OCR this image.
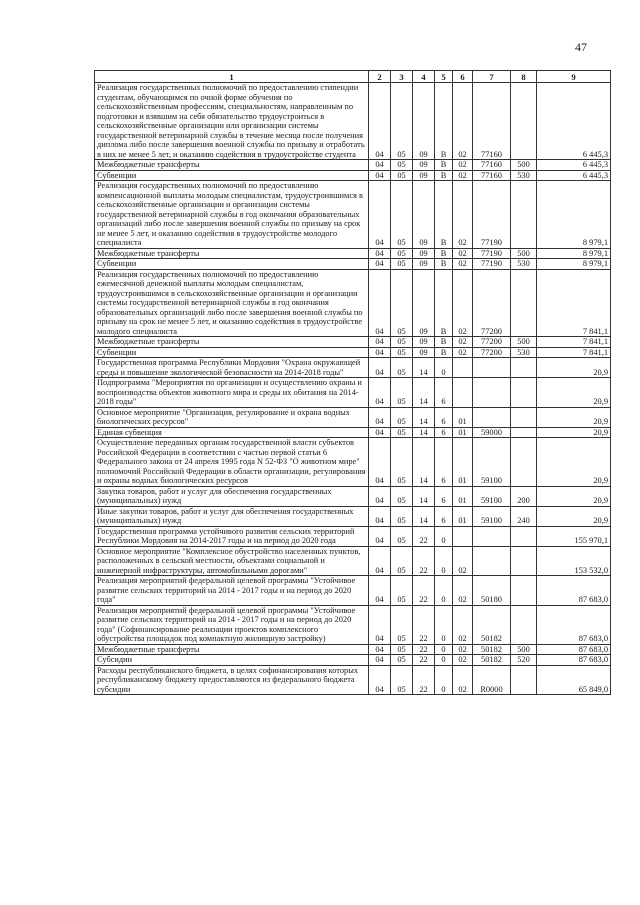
47
1	2	3	4	5	6	7	8	9
Реализация государственных полномочий по предоставлению стипендии студентам, обучающимся по очной форме обучения по сельскохозяйственным профессиям, специальностям, направленным по подготовки и взявшим на себя обязательство трудоустроиться в сельскохозяйственные организации или организации системы государственной ветеринарной службы в течение месяца после получения диплома либо после завершения военной службы по призыву и отработать в них не менее 5 лет, и оказанию содействия в трудоустройстве студента	04	05	09	В	02	77160		6 445,3
Межбюджетные трансферты	04	05	09	В	02	77160	500	6 445,3
Субвенции	04	05	09	В	02	77160	530	6 445,3
Реализация государственных полномочий по предоставлению компенсационной выплаты молодым специалистам, трудоустроившимся в сельскохозяйственные организации и организации системы государственной ветеринарной службы в год окончания образовательных организаций либо после завершения военной службы по призыву на срок не менее 5 лет, и оказанию содействия в трудоустройстве молодого специалиста	04	05	09	В	02	77190		8 979,1
Межбюджетные трансферты	04	05	09	В	02	77190	500	8 979,1
Субвенции	04	05	09	В	02	77190	530	8 979,1
Реализация государственных полномочий по предоставлению ежемесячной денежной выплаты молодым специалистам, трудоустроившимся в сельскохозяйственные организации и организации системы государственной ветеринарной службы в год окончания образовательных организаций либо после завершения военной службы по призыву на срок не менее 5 лет, и оказанию содействия в трудоустройстве молодого специалиста	04	05	09	В	02	77200		7 841,1
Межбюджетные трансферты	04	05	09	В	02	77200	500	7 841,1
Субвенции	04	05	09	В	02	77200	530	7 841,1
Государственная программа Республики Мордовия "Охрана окружающей среды и повышение экологической безопасности на 2014-2018 годы"	04	05	14	0				20,9
Подпрограмма "Мероприятия по организации и осуществлению охраны и воспроизводства объектов животного мира и среды их обитания на 2014-2018 годы"	04	05	14	6				20,9
Основное мероприятие "Организация, регулирование и охрана водных биологических ресурсов"	04	05	14	6	01			20,9
Единая субвенция	04	05	14	6	01	59000		20,9
Осуществление переданных органам государственной власти субъектов Российской Федерации в соответствии с частью первой статьи 6 Федерального закона от 24 апреля 1995 года N 52-ФЗ "О животном мире" полномочий Российской Федерации в области организации, регулирования и охраны водных биологических ресурсов	04	05	14	6	01	59100		20,9
Закупка товаров, работ и услуг для обеспечения государственных (муниципальных) нужд	04	05	14	6	01	59100	200	20,9
Иные закупки товаров, работ и услуг для обеспечения государственных (муниципальных) нужд	04	05	14	6	01	59100	240	20,9
Государственная программа устойчивого развития сельских территорий Республики Мордовия на 2014-2017 годы и на период до 2020 года	04	05	22	0				155 970,1
Основное мероприятие "Комплексное обустройство населенных пунктов, расположенных в сельской местности, объектами социальной и инженерной инфраструктуры, автомобильными дорогами"	04	05	22	0	02			153 532,0
Реализация мероприятий федеральной целевой программы "Устойчивое развитие сельских территорий на 2014 - 2017 годы и на период до 2020 года"	04	05	22	0	02	50180		87 683,0
Реализация мероприятий федеральной целевой программы "Устойчивое развитие сельских территорий на 2014 - 2017 годы и на период до 2020 года" (Софинансирование реализации проектов комплексного обустройства площадок под компактную жилищную застройку)	04	05	22	0	02	50182		87 683,0
Межбюджетные трансферты	04	05	22	0	02	50182	500	87 683,0
Субсидии	04	05	22	0	02	50182	520	87 683,0
Расходы республиканского бюджета, в целях софинансирования которых республиканскому бюджету предоставляются из федерального бюджета субсидии	04	05	22	0	02	R0000		65 849,0
